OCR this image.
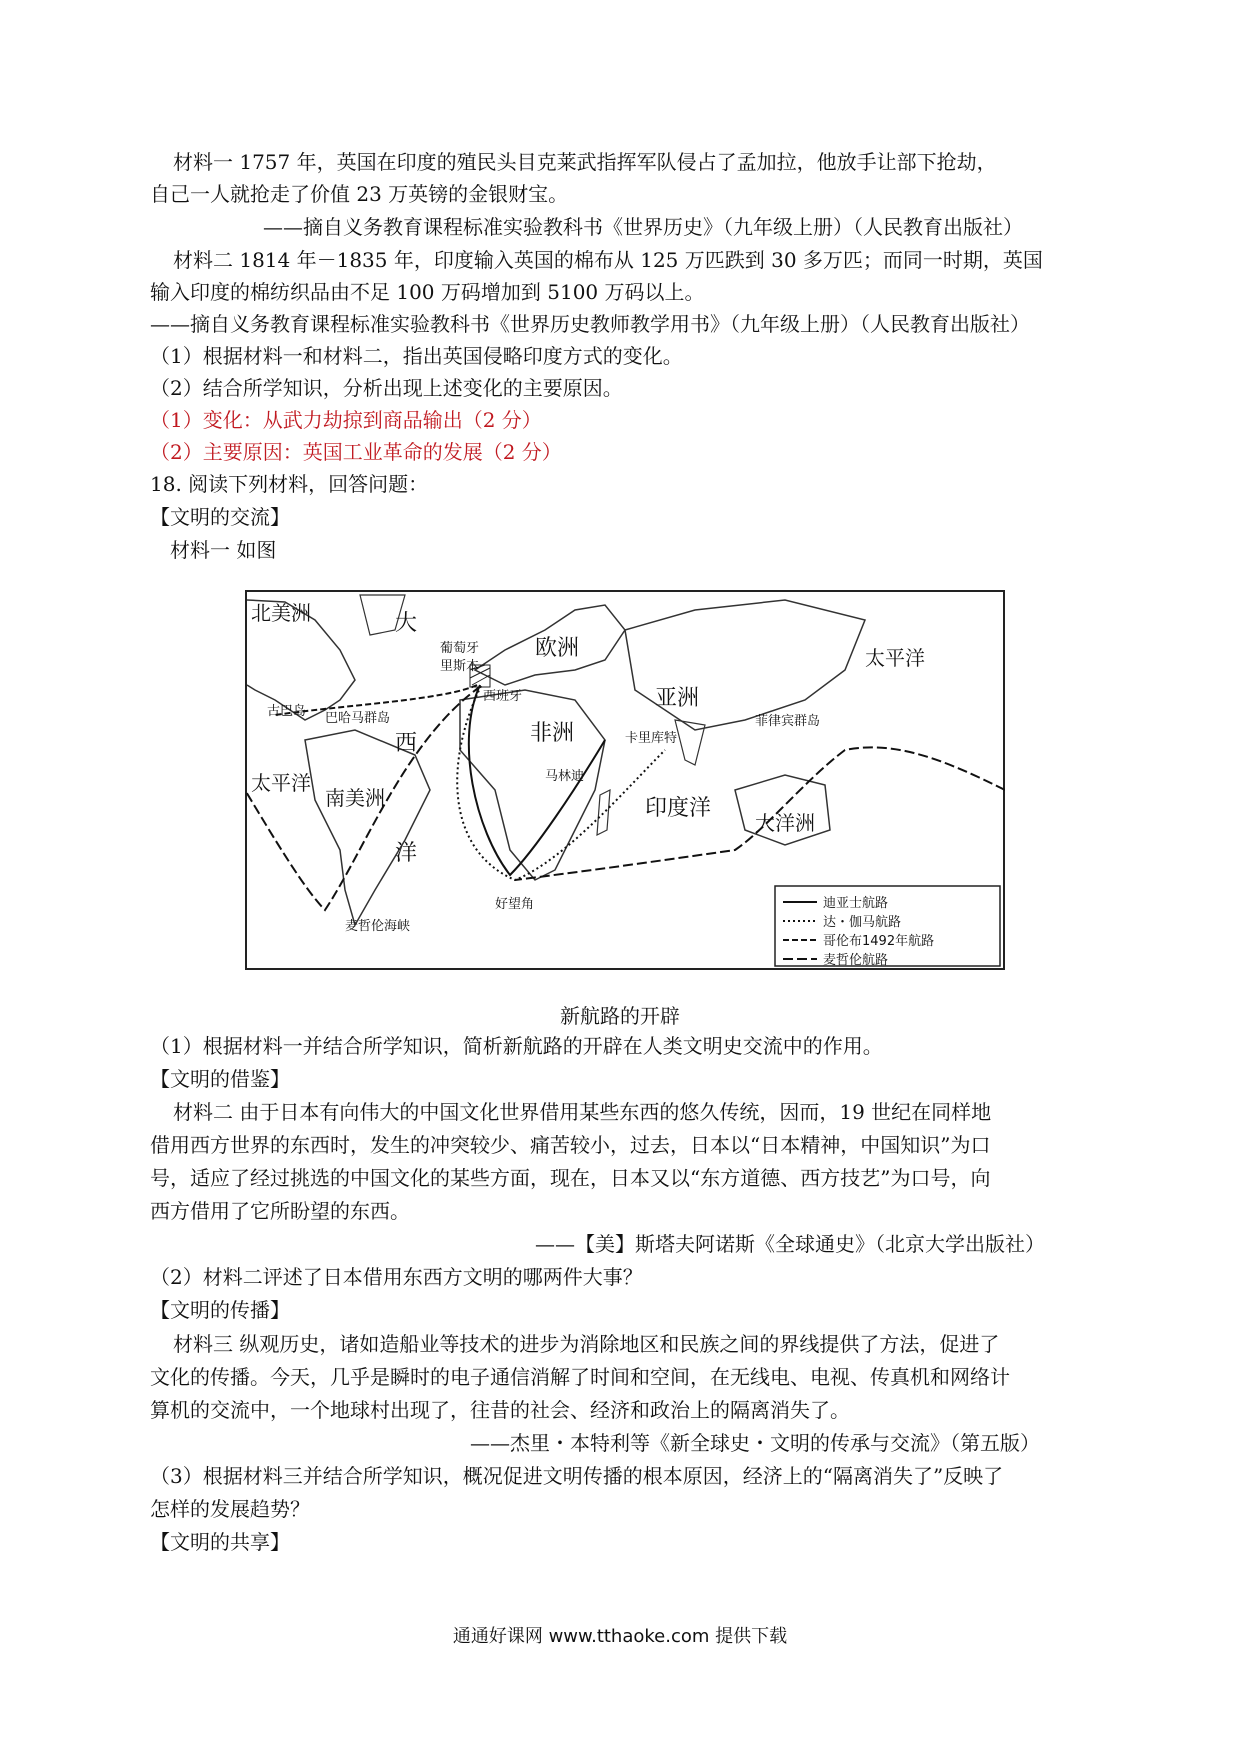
材料一 1757 年，英国在印度的殖民头目克莱武指挥军队侵占了孟加拉，他放手让部下抢劫，
自己一人就抢走了价值 23 万英镑的金银财宝。
——摘自义务教育课程标准实验教科书《世界历史》（九年级上册）（人民教育出版社）
材料二 1814 年－1835 年，印度输入英国的棉布从 125 万匹跌到 30 多万匹；而同一时期，英国
输入印度的棉纺织品由不足 100 万码增加到 5100 万码以上。
——摘自义务教育课程标准实验教科书《世界历史教师教学用书》（九年级上册）（人民教育出版社）
（1）根据材料一和材料二，指出英国侵略印度方式的变化。
（2）结合所学知识，分析出现上述变化的主要原因。
（1）变化：从武力劫掠到商品输出（2 分）
（2）主要原因：英国工业革命的发展（2 分）
18. 阅读下列材料，回答问题：
【文明的交流】
材料一 如图
北美洲	大
西
洋
太平洋
太平洋
欧洲
亚洲
非洲
南美洲	印度洋
大洋洲
葡萄牙
里斯本
西班牙
古巴岛 巴哈马群岛
卡里库特
菲律宾群岛
马林迪
好望角
麦哲伦海峡
迪亚士航路
达・伽马航路
哥伦布1492年航路
麦哲伦航路
新航路的开辟
（1）根据材料一并结合所学知识，简析新航路的开辟在人类文明史交流中的作用。
【文明的借鉴】
材料二 由于日本有向伟大的中国文化世界借用某些东西的悠久传统，因而，19 世纪在同样地
借用西方世界的东西时，发生的冲突较少、痛苦较小，过去，日本以“日本精神，中国知识”为口
号，适应了经过挑选的中国文化的某些方面，现在，日本又以“东方道德、西方技艺”为口号，向
西方借用了它所盼望的东西。
——【美】斯塔夫阿诺斯《全球通史》（北京大学出版社）
（2）材料二评述了日本借用东西方文明的哪两件大事？
【文明的传播】
材料三 纵观历史，诸如造船业等技术的进步为消除地区和民族之间的界线提供了方法，促进了
文化的传播。今天，几乎是瞬时的电子通信消解了时间和空间，在无线电、电视、传真机和网络计
算机的交流中，一个地球村出现了，往昔的社会、经济和政治上的隔离消失了。
——杰里・本特利等《新全球史・文明的传承与交流》（第五版）
（3）根据材料三并结合所学知识，概况促进文明传播的根本原因，经济上的“隔离消失了”反映了
怎样的发展趋势？
【文明的共享】
通通好课网 www.tthaoke.com 提供下载
